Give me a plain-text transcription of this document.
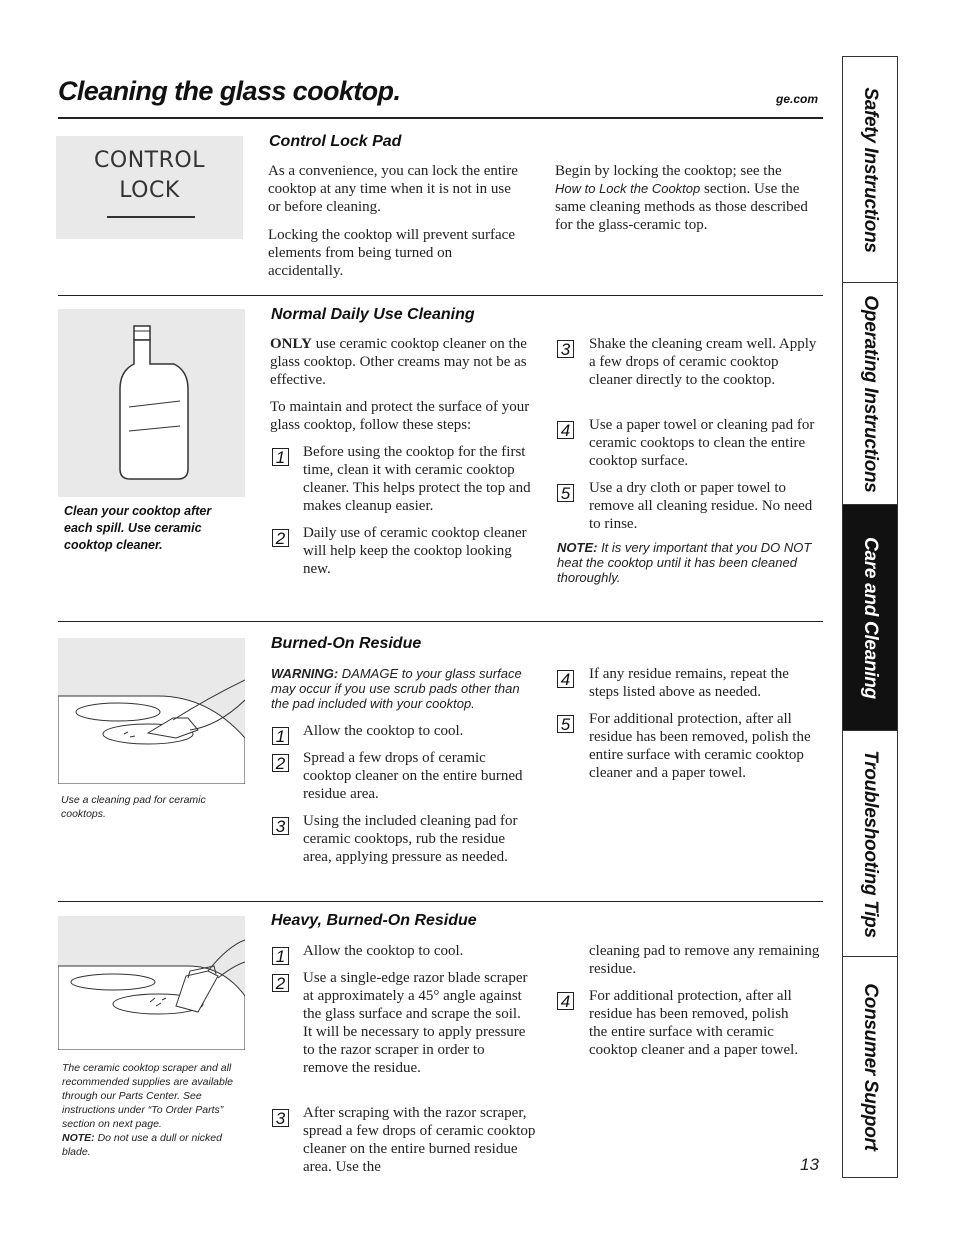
Cleaning the glass cooktop.	ge.com Safety Instructions
Operating Instructions
Care and Cleaning
Troubleshooting Tips
Consumer Support
CONTROL
LOCK
Control Lock Pad
As a convenience, you can lock the entire cooktop at any time when it is not in use or before cleaning.
Locking the cooktop will prevent surface elements from being turned on accidentally.
Begin by locking the cooktop; see the How to Lock the Cooktop section. Use the same cleaning methods as those described for the glass-ceramic top.
Clean your cooktop after each spill. Use ceramic cooktop cleaner.
Normal Daily Use Cleaning
ONLY use ceramic cooktop cleaner on the glass cooktop. Other creams may not be as effective.
To maintain and protect the surface of your glass cooktop, follow these steps:
1 Before using the cooktop for the first time, clean it with ceramic cooktop cleaner. This helps protect the top and makes cleanup easier.
2 Daily use of ceramic cooktop cleaner will help keep the cooktop looking new.
3 Shake the cleaning cream well. Apply a few drops of ceramic cooktop cleaner directly to the cooktop.
4 Use a paper towel or cleaning pad for ceramic cooktops to clean the entire cooktop surface.
5 Use a dry cloth or paper towel to remove all cleaning residue. No need to rinse.
NOTE: It is very important that you DO NOT heat the cooktop until it has been cleaned thoroughly.
Use a cleaning pad for ceramic cooktops.
Burned-On Residue
WARNING: DAMAGE to your glass surface may occur if you use scrub pads other than the pad included with your cooktop.
1 Allow the cooktop to cool.
2 Spread a few drops of ceramic cooktop cleaner on the entire burned residue area.
3 Using the included cleaning pad for ceramic cooktops, rub the residue area, applying pressure as needed.
4 If any residue remains, repeat the steps listed above as needed.
5 For additional protection, after all residue has been removed, polish the entire surface with ceramic cooktop cleaner and a paper towel.
The ceramic cooktop scraper and all recommended supplies are available through our Parts Center. See instructions under “To Order Parts” section on next page.
NOTE: Do not use a dull or nicked blade.
Heavy, Burned-On Residue
1 Allow the cooktop to cool.
2 Use a single-edge razor blade scraper at approximately a 45° angle against the glass surface and scrape the soil. It will be necessary to apply pressure to the razor scraper in order to remove the residue.
3 After scraping with the razor scraper, spread a few drops of ceramic cooktop cleaner on the entire burned residue area. Use the
cleaning pad to remove any remaining residue.
4 For additional protection, after all residue has been removed, polish the entire surface with ceramic cooktop cleaner and a paper towel.
13
